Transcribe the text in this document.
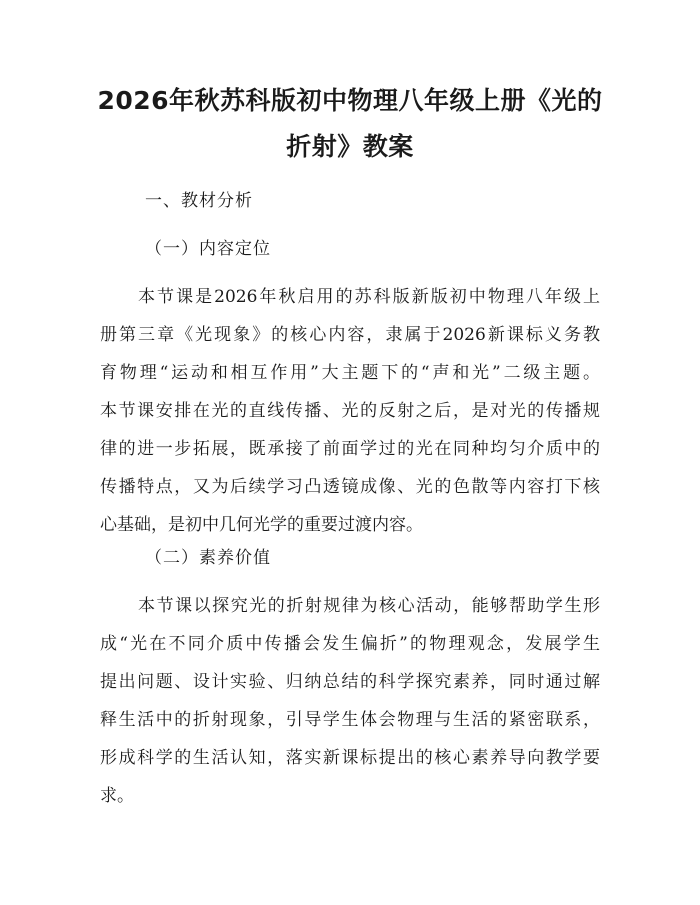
2026年秋苏科版初中物理八年级上册《光的
折射》教案
一、教材分析
（一）内容定位
本节课是2026年秋启用的苏科版新版初中物理八年级上
册第三章《光现象》的核心内容，隶属于2026新课标义务教
育物理“运动和相互作用”大主题下的“声和光”二级主题。
本节课安排在光的直线传播、光的反射之后，是对光的传播规
律的进一步拓展，既承接了前面学过的光在同种均匀介质中的
传播特点，又为后续学习凸透镜成像、光的色散等内容打下核
心基础，是初中几何光学的重要过渡内容。
（二）素养价值
本节课以探究光的折射规律为核心活动，能够帮助学生形
成“光在不同介质中传播会发生偏折”的物理观念，发展学生
提出问题、设计实验、归纳总结的科学探究素养，同时通过解
释生活中的折射现象，引导学生体会物理与生活的紧密联系，
形成科学的生活认知，落实新课标提出的核心素养导向教学要
求。
